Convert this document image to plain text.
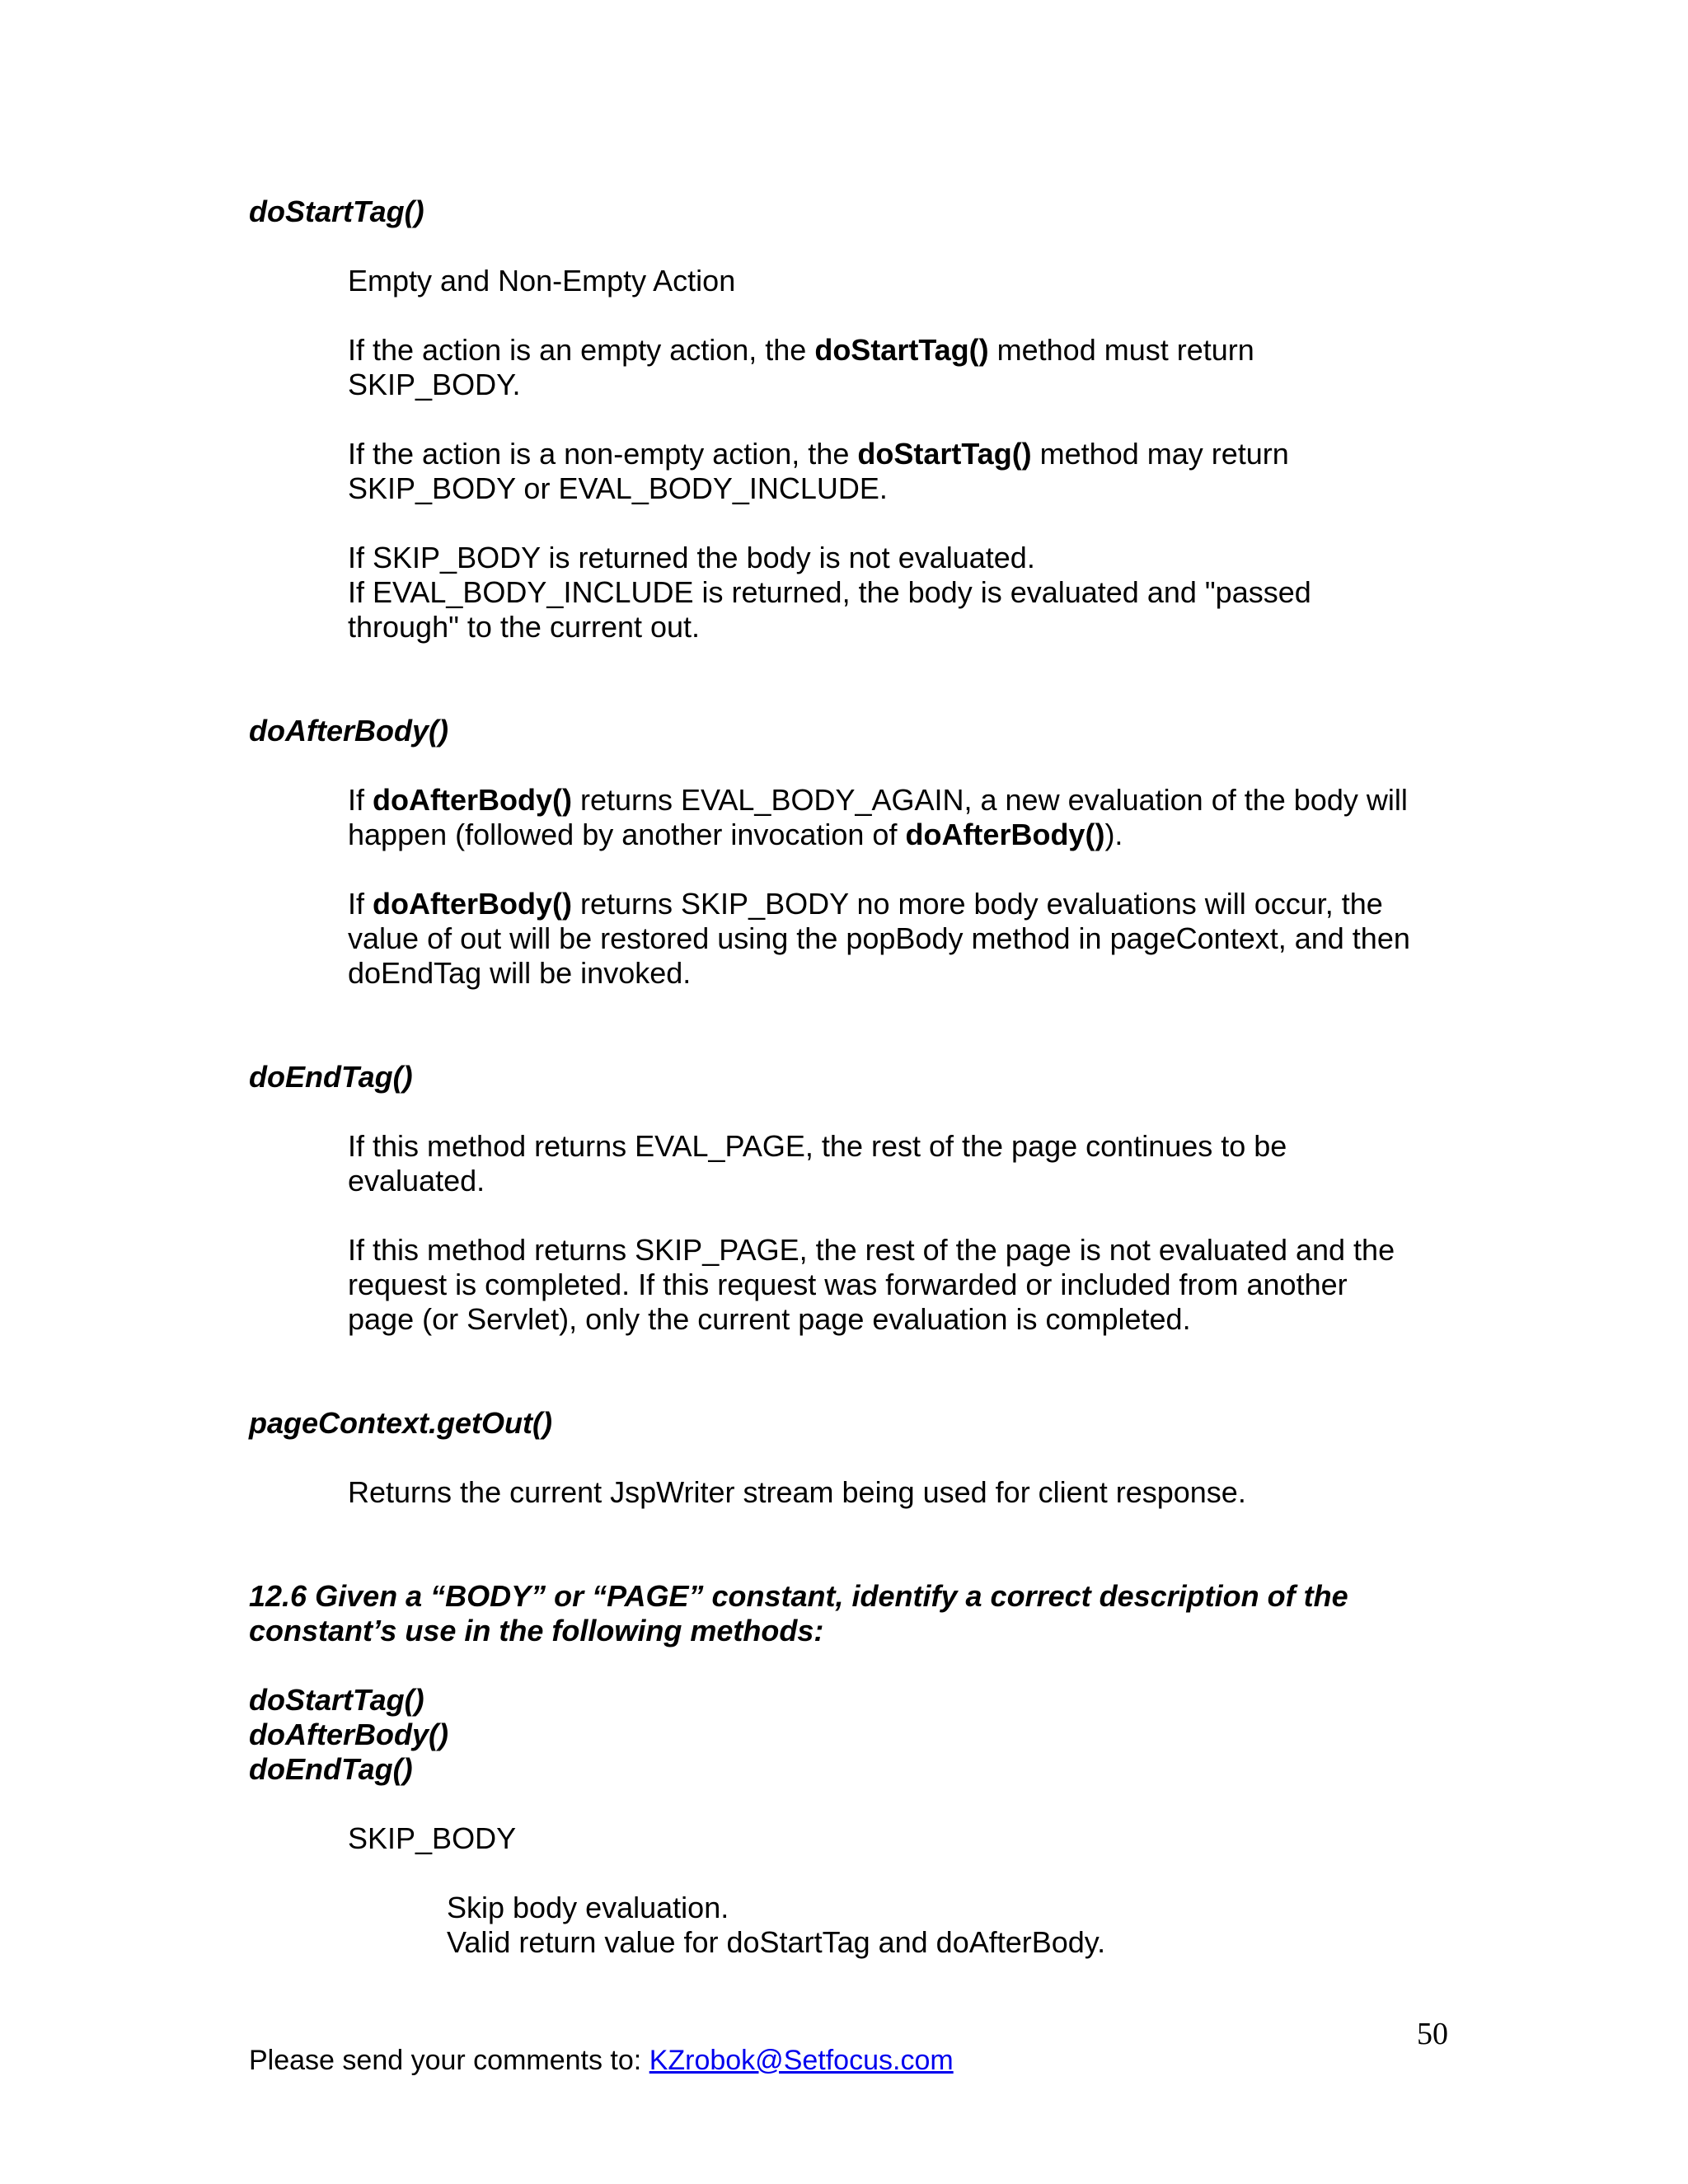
doStartTag()

Empty and Non-Empty Action

If the action is an empty action, the doStartTag() method must return
SKIP_BODY.

If the action is a non-empty action, the doStartTag() method may return
SKIP_BODY or EVAL_BODY_INCLUDE.

If SKIP_BODY is returned the body is not evaluated.
If EVAL_BODY_INCLUDE is returned, the body is evaluated and "passed
through" to the current out.

doAfterBody()

If doAfterBody() returns EVAL_BODY_AGAIN, a new evaluation of the body will
happen (followed by another invocation of doAfterBody()).

If doAfterBody() returns SKIP_BODY no more body evaluations will occur, the
value of out will be restored using the popBody method in pageContext, and then
doEndTag will be invoked.

doEndTag()

If this method returns EVAL_PAGE, the rest of the page continues to be
evaluated.

If this method returns SKIP_PAGE, the rest of the page is not evaluated and the
request is completed. If this request was forwarded or included from another
page (or Servlet), only the current page evaluation is completed.

pageContext.getOut()

Returns the current JspWriter stream being used for client response.

12.6 Given a “BODY” or “PAGE” constant, identify a correct description of the
constant’s use in the following methods:

doStartTag()
doAfterBody()
doEndTag()

SKIP_BODY

Skip body evaluation.
Valid return value for doStartTag and doAfterBody.

50
Please send your comments to: KZrobok@Setfocus.com
